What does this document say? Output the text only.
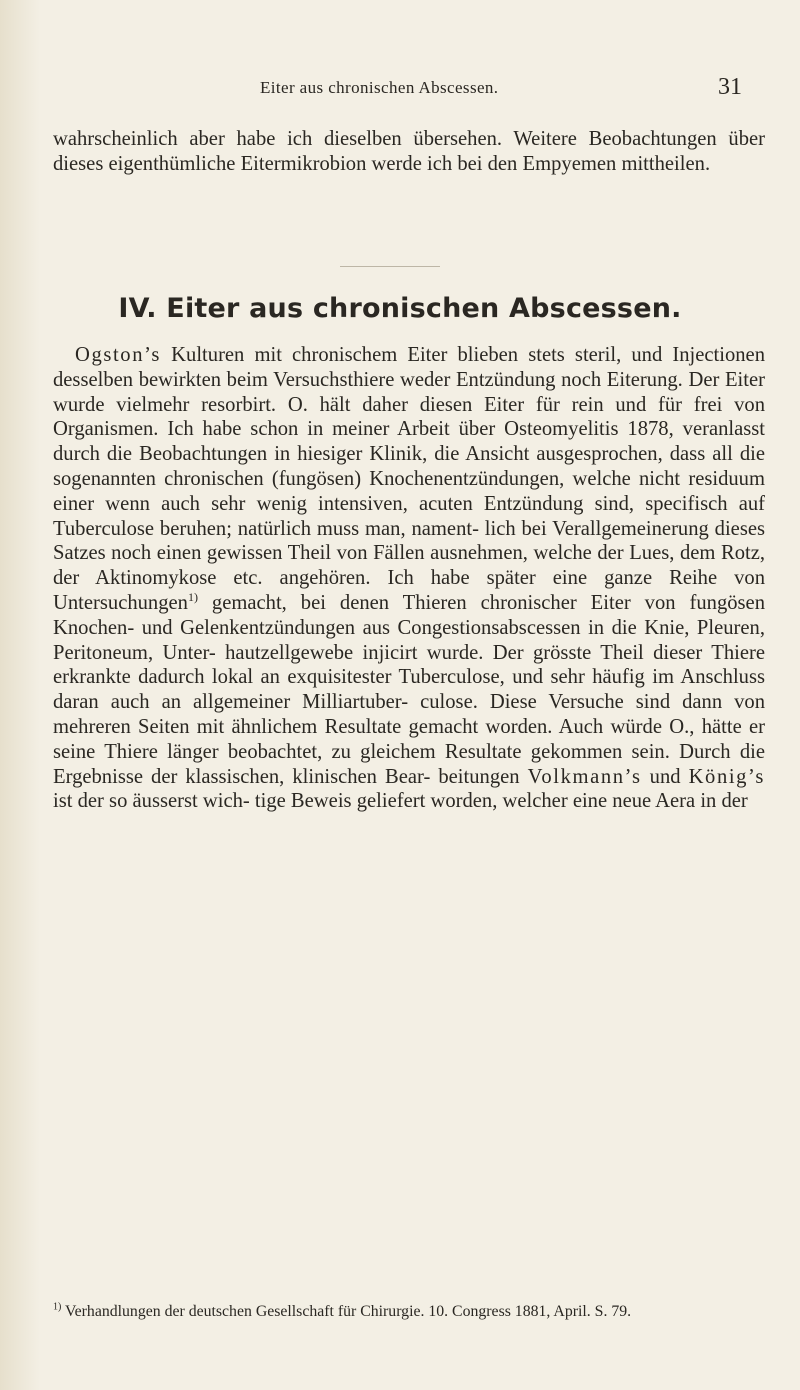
Eiter aus chronischen Abscessen.	31

wahrscheinlich aber habe ich dieselben übersehen. Weitere Beobachtungen über dieses eigenthümliche Eitermikrobion werde ich bei den Empyemen mittheilen.

IV. Eiter aus chronischen Abscessen.

Ogston’s Kulturen mit chronischem Eiter blieben stets steril, und Injectionen desselben bewirkten beim Versuchsthiere weder Entzündung noch Eiterung. Der Eiter wurde vielmehr resorbirt. O. hält daher diesen Eiter für rein und für frei von Organismen. Ich habe schon in meiner Arbeit über Osteomyelitis 1878, veranlasst durch die Beobachtungen in hiesiger Klinik, die Ansicht ausgesprochen, dass all die sogenannten chronischen (fungösen) Knochenentzündungen, welche nicht residuum einer wenn auch sehr wenig intensiven, acuten Entzündung sind, specifisch auf Tuberculose beruhen; natürlich muss man, nament- lich bei Verallgemeinerung dieses Satzes noch einen gewissen Theil von Fällen ausnehmen, welche der Lues, dem Rotz, der Aktinomykose etc. angehören. Ich habe später eine ganze Reihe von Untersuchungen$^{1)}$ gemacht, bei denen Thieren chronischer Eiter von fungösen Knochen- und Gelenkentzündungen aus Congestionsabscessen in die Knie, Pleuren, Peritoneum, Unter- hautzellgewebe injicirt wurde. Der grösste Theil dieser Thiere erkrankte dadurch lokal an exquisitester Tuberculose, und sehr häufig im Anschluss daran auch an allgemeiner Milliartuber- culose. Diese Versuche sind dann von mehreren Seiten mit ähnlichem Resultate gemacht worden. Auch würde O., hätte er seine Thiere länger beobachtet, zu gleichem Resultate gekommen sein. Durch die Ergebnisse der klassischen, klinischen Bear- beitungen Volkmann’s und König’s ist der so äusserst wich- tige Beweis geliefert worden, welcher eine neue Aera in der

$^{1)}$ Verhandlungen der deutschen Gesellschaft für Chirurgie. 10. Congress 1881, April. S. 79.
